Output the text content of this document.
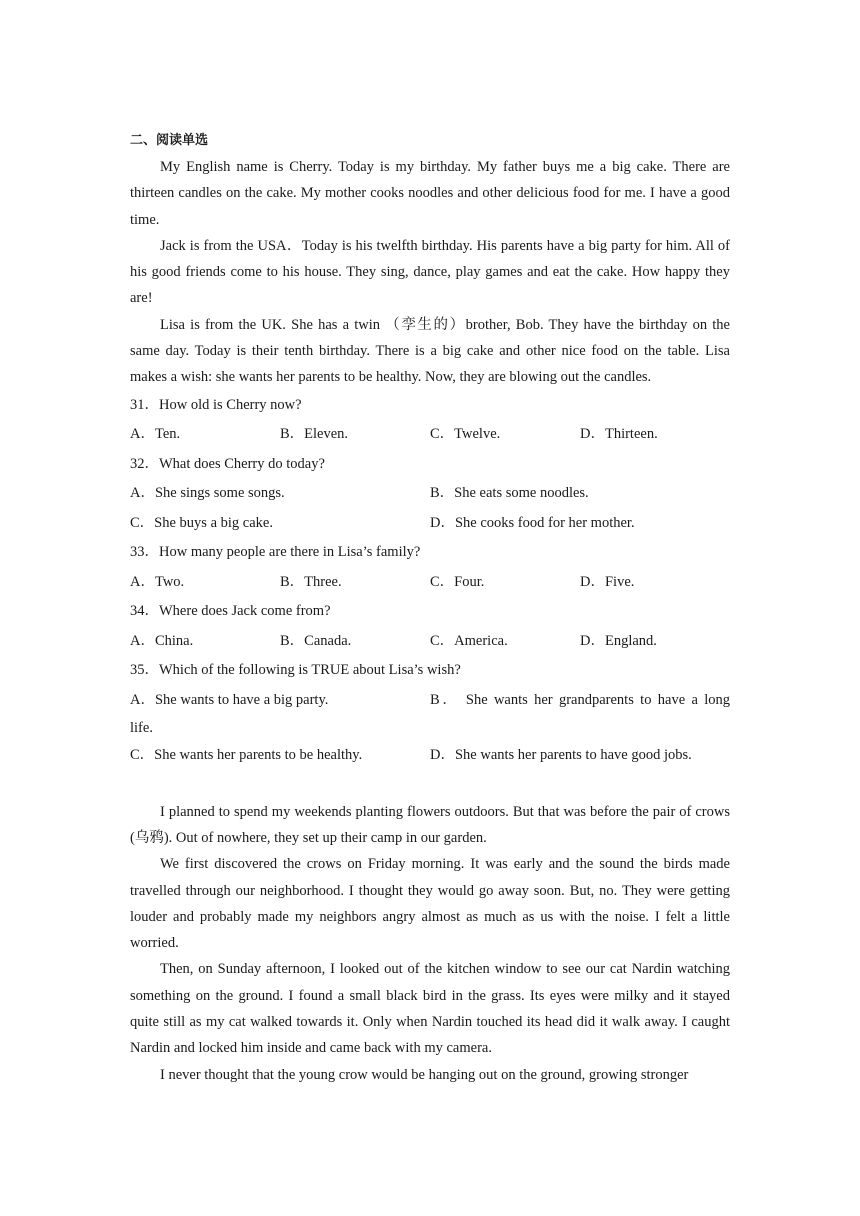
二、阅读单选

My English name is Cherry. Today is my birthday. My father buys me a big cake. There are thirteen candles on the cake. My mother cooks noodles and other delicious food for me. I have a good time.

Jack is from the USA．Today is his twelfth birthday. His parents have a big party for him. All of his good friends come to his house. They sing, dance, play games and eat the cake. How happy they are!

Lisa is from the UK. She has a twin （孪生的）brother, Bob. They have the birthday on the same day. Today is their tenth birthday. There is a big cake and other nice food on the table. Lisa makes a wish: she wants her parents to be healthy. Now, they are blowing out the candles.

31．How old is Cherry now?
A．Ten.	B．Eleven.	C．Twelve.	D．Thirteen.
32．What does Cherry do today?
A．She sings some songs.	B．She eats some noodles.
C．She buys a big cake.	D．She cooks food for her mother.
33．How many people are there in Lisa’s family?
A．Two.	B．Three.	C．Four.	D．Five.
34．Where does Jack come from?
A．China.	B．Canada.	C．America.	D．England.
35．Which of the following is TRUE about Lisa’s wish?
A．She wants to have a big party.	B． She wants her grandparents to have a long
life.
C．She wants her parents to be healthy.	D．She wants her parents to have good jobs.

I planned to spend my weekends planting flowers outdoors. But that was before the pair of crows (乌鸦). Out of nowhere, they set up their camp in our garden.

We first discovered the crows on Friday morning. It was early and the sound the birds made travelled through our neighborhood. I thought they would go away soon. But, no. They were getting louder and probably made my neighbors angry almost as much as us with the noise. I felt a little worried.

Then, on Sunday afternoon, I looked out of the kitchen window to see our cat Nardin watching something on the ground. I found a small black bird in the grass. Its eyes were milky and it stayed quite still as my cat walked towards it. Only when Nardin touched its head did it walk away. I caught Nardin and locked him inside and came back with my camera.

I never thought that the young crow would be hanging out on the ground, growing stronger
